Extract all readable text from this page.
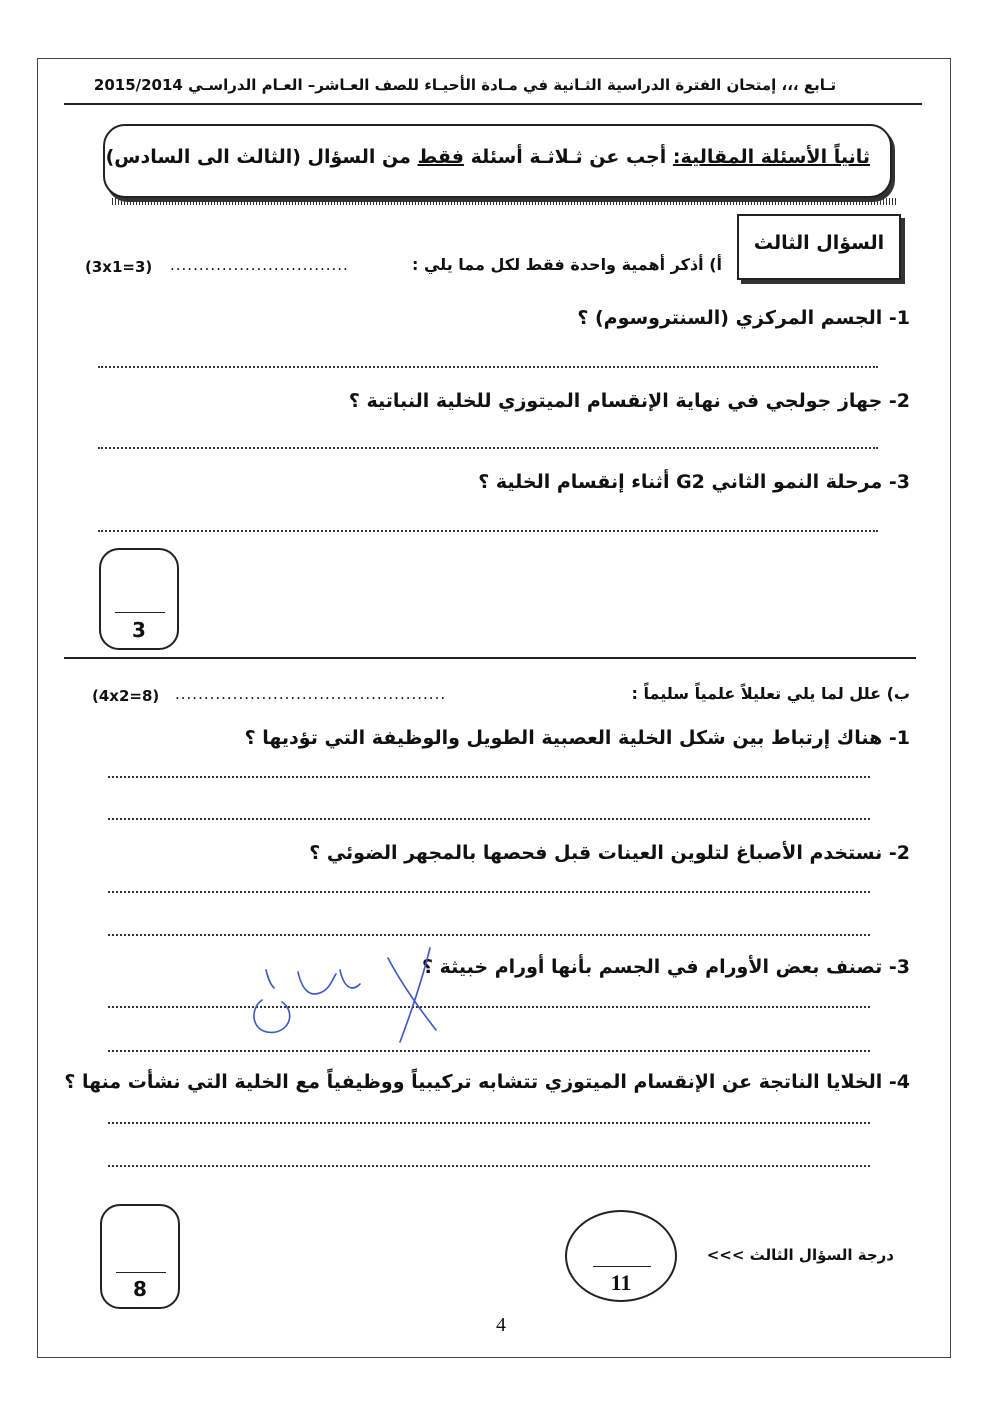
تـابع ،،، إمتحان الفترة الدراسية الثـانية في مـادة الأحيـاء للصف العـاشر– العـام الدراسـي 2015/2014
ثانياً الأسئلة المقالية: أجب عن ثـلاثـة أسئلة فقط من السؤال (الثالث الى السادس)
السؤال الثالث
أ) أذكر أهمية واحدة فقط لكل مما يلي :
...............................
(3x1=3)
1- الجسم المركزي (السنتروسوم) ؟
2- جهاز جولجي في نهاية الإنقسام الميتوزي للخلية النباتية ؟
3- مرحلة النمو الثاني G2 أثناء إنقسام الخلية ؟
3
ب) علل لما يلي تعليلاً علمياً سليماً :
...............................................
(4x2=8)
1- هناك إرتباط بين شكل الخلية العصبية الطويل والوظيفة التي تؤديها ؟
2- نستخدم الأصباغ لتلوين العينات قبل فحصها بالمجهر الضوئي ؟
3- تصنف بعض الأورام في الجسم بأنها أورام خبيثة ؟
4- الخلايا الناتجة عن الإنقسام الميتوزي تتشابه تركيبياً ووظيفياً مع الخلية التي نشأت منها ؟
8
درجة السؤال الثالث >>>
11
4
